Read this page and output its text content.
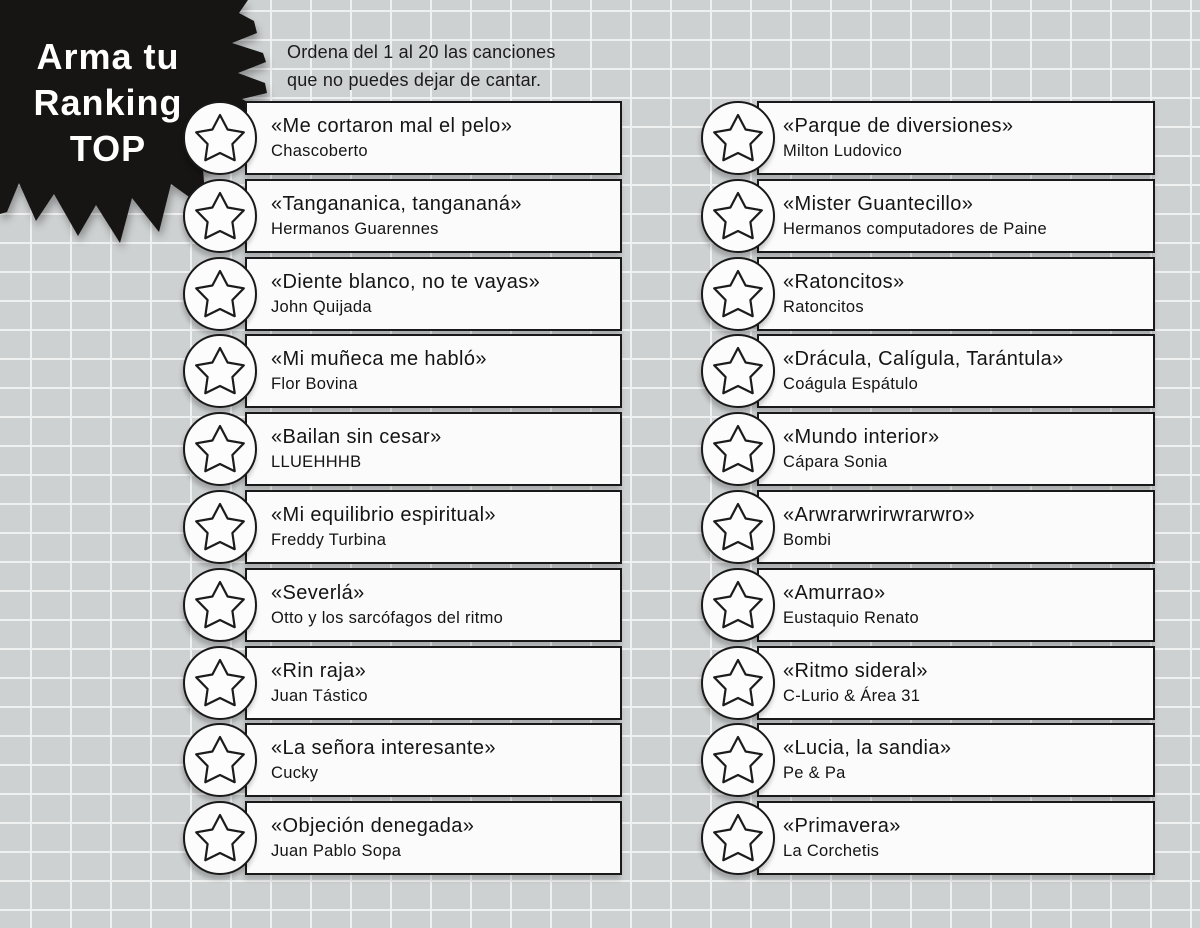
Arma tu
Ranking
TOP
Ordena del 1 al 20 las canciones
que no puedes dejar de cantar.
«Me cortaron mal el pelo»
Chascoberto
«Tangananica, tangananá»
Hermanos Guarennes
«Diente blanco, no te vayas»
John Quijada
«Mi muñeca me habló»
Flor Bovina
«Bailan sin cesar»
LLUEHHHB
«Mi equilibrio espiritual»
Freddy Turbina
«Severlá»
Otto y los sarcófagos del ritmo
«Rin raja»
Juan Tástico
«La señora interesante»
Cucky
«Objeción denegada»
Juan Pablo Sopa
«Parque de diversiones»
Milton Ludovico
«Mister Guantecillo»
Hermanos computadores de Paine
«Ratoncitos»
Ratoncitos
«Drácula, Calígula, Tarántula»
Coágula Espátulo
«Mundo interior»
Cápara Sonia
«Arwrarwrirwrarwro»
Bombi
«Amurrao»
Eustaquio Renato
«Ritmo sideral»
C-Lurio & Área 31
«Lucia, la sandia»
Pe & Pa
«Primavera»
La Corchetis
